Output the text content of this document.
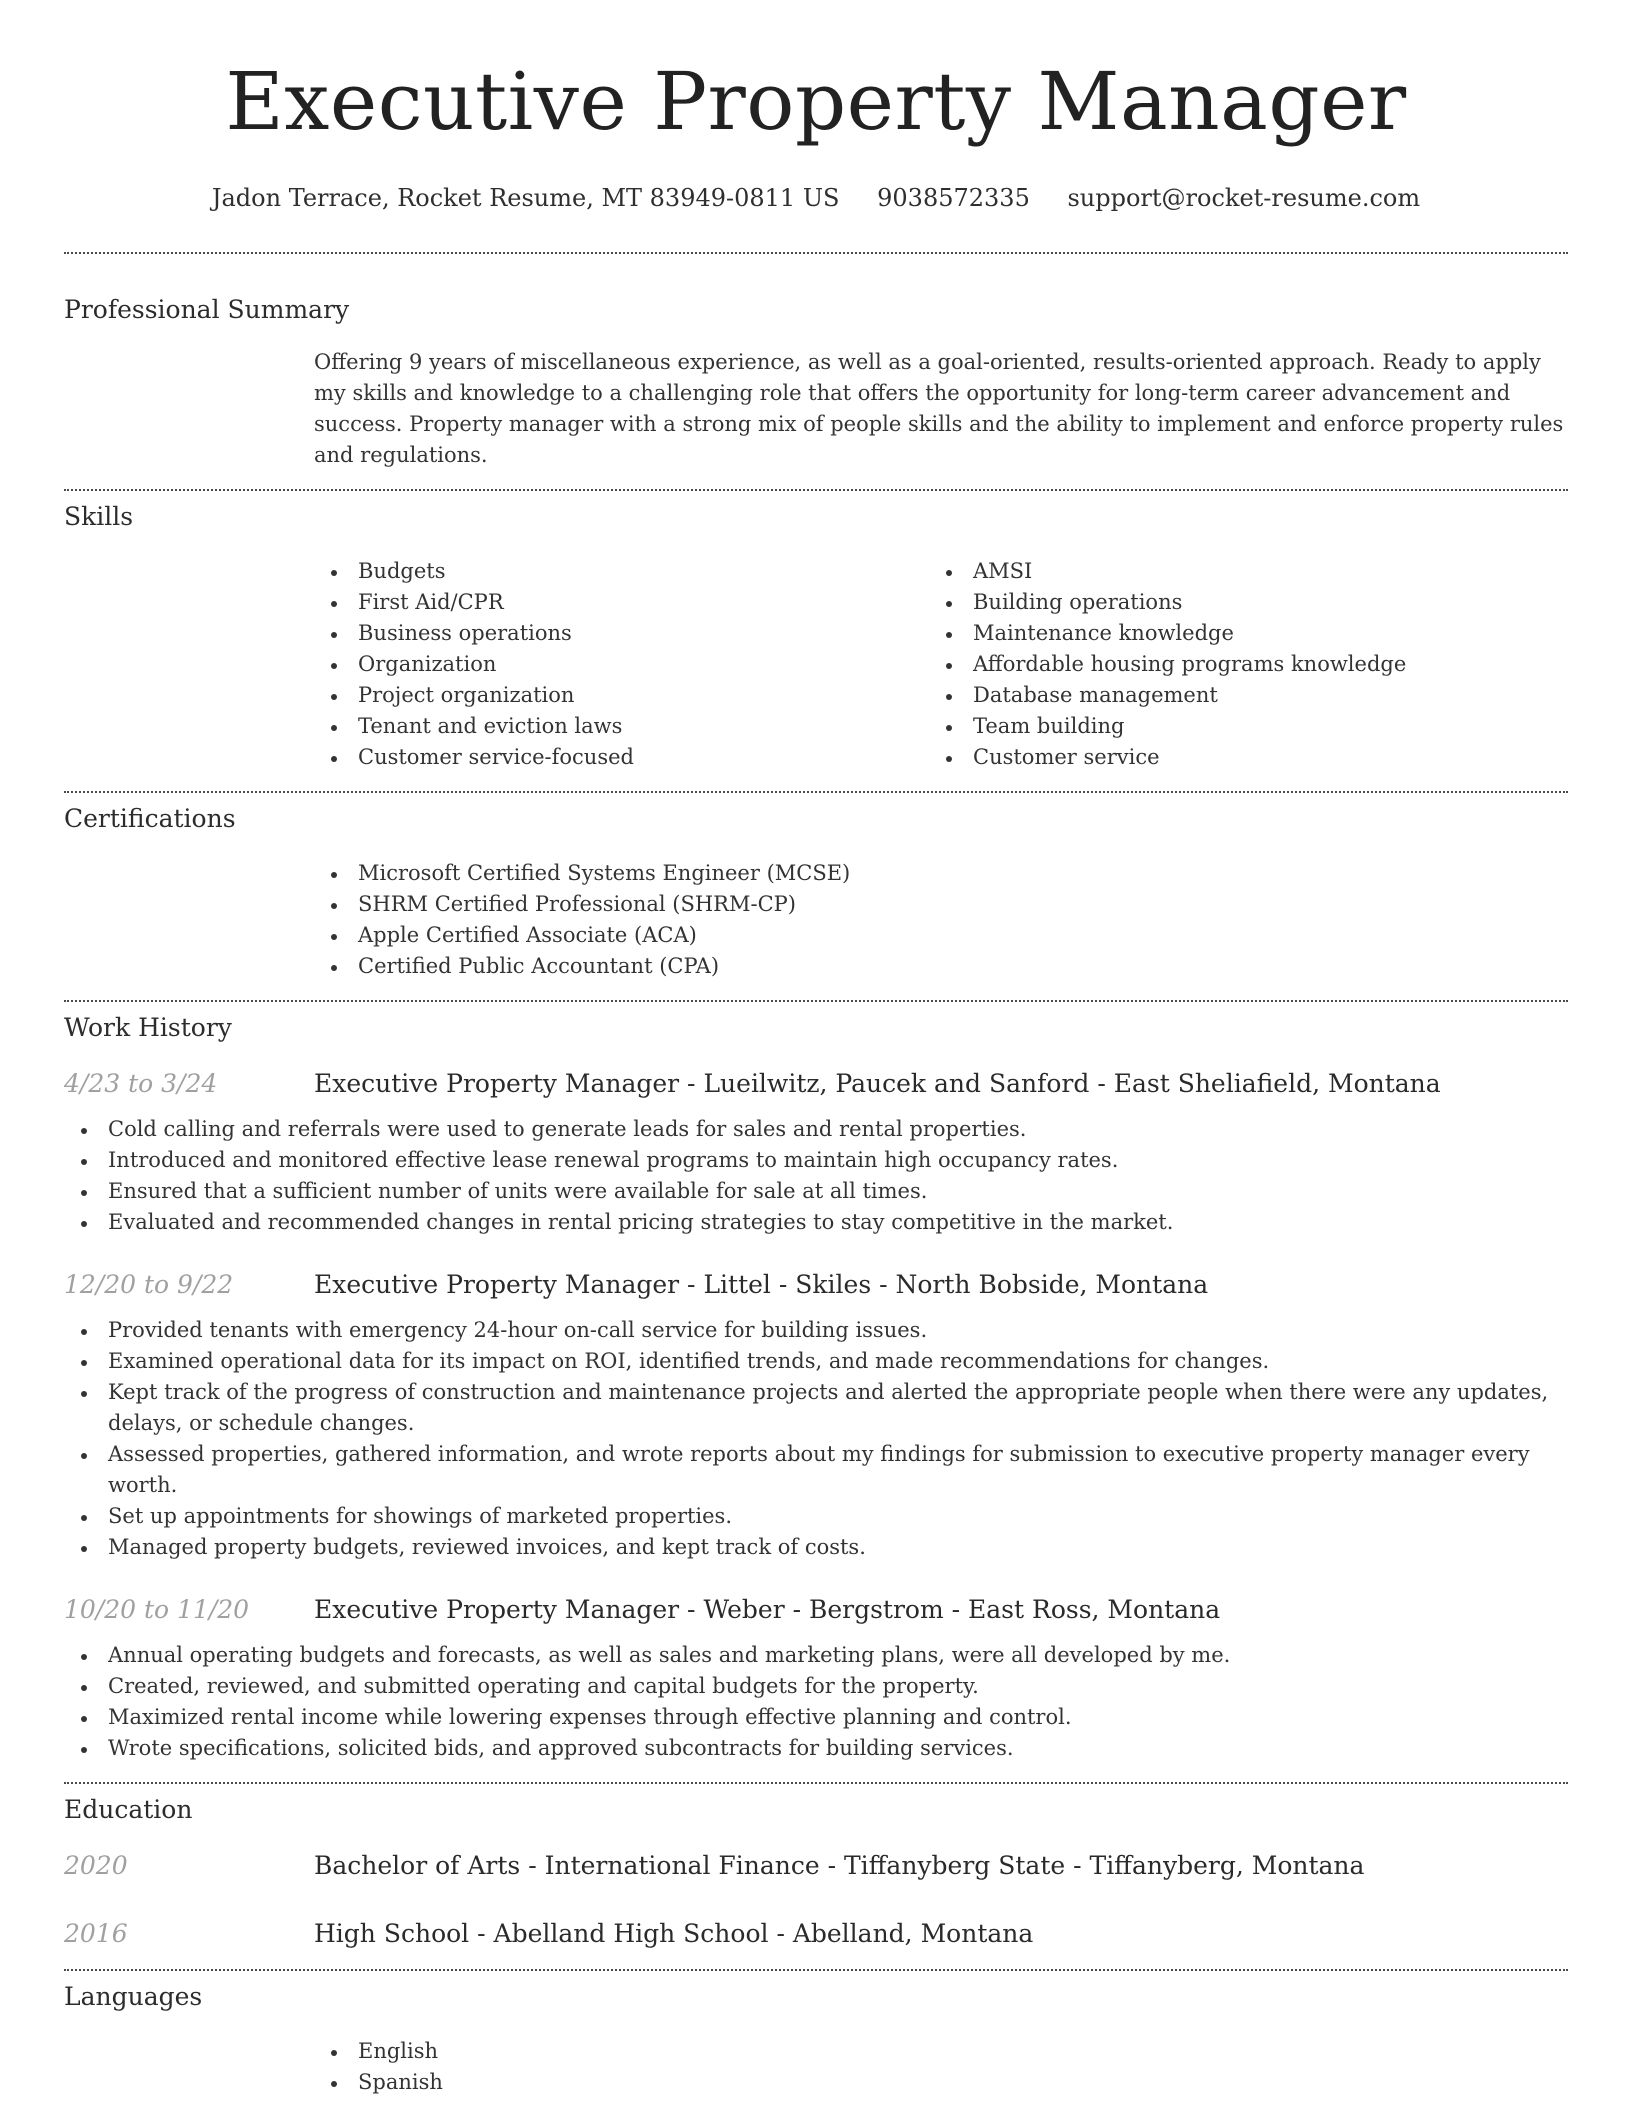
Executive Property Manager
Jadon Terrace, Rocket Resume, MT 83949-0811 US 9038572335 support@rocket-resume.com
Professional Summary

Offering 9 years of miscellaneous experience, as well as a goal-oriented, results-oriented approach. Ready to apply my skills and knowledge to a challenging role that offers the opportunity for long-term career advancement and success. Property manager with a strong mix of people skills and the ability to implement and enforce property rules and regulations.

Skills
Budgets
First Aid/CPR
Business operations
Organization
Project organization
Tenant and eviction laws
Customer service-focused
AMSI
Building operations
Maintenance knowledge
Affordable housing programs knowledge
Database management
Team building
Customer service
Certifications
Microsoft Certified Systems Engineer (MCSE)
SHRM Certified Professional (SHRM-CP)
Apple Certified Associate (ACA)
Certified Public Accountant (CPA)
Work History
4/23 to 3/24	Executive Property Manager - Lueilwitz, Paucek and Sanford - East Sheliafield, Montana
Cold calling and referrals were used to generate leads for sales and rental properties.
Introduced and monitored effective lease renewal programs to maintain high occupancy rates.
Ensured that a sufficient number of units were available for sale at all times.
Evaluated and recommended changes in rental pricing strategies to stay competitive in the market.
12/20 to 9/22	Executive Property Manager - Littel - Skiles - North Bobside, Montana
Provided tenants with emergency 24-hour on-call service for building issues.
Examined operational data for its impact on ROI, identified trends, and made recommendations for changes.
Kept track of the progress of construction and maintenance projects and alerted the appropriate people when there were any updates, delays, or schedule changes.
Assessed properties, gathered information, and wrote reports about my findings for submission to executive property manager every worth.
Set up appointments for showings of marketed properties.
Managed property budgets, reviewed invoices, and kept track of costs.
10/20 to 11/20	Executive Property Manager - Weber - Bergstrom - East Ross, Montana
Annual operating budgets and forecasts, as well as sales and marketing plans, were all developed by me.
Created, reviewed, and submitted operating and capital budgets for the property.
Maximized rental income while lowering expenses through effective planning and control.
Wrote specifications, solicited bids, and approved subcontracts for building services.
Education
2020	Bachelor of Arts - International Finance - Tiffanyberg State - Tiffanyberg, Montana
2016	High School - Abelland High School - Abelland, Montana
Languages
English
Spanish
